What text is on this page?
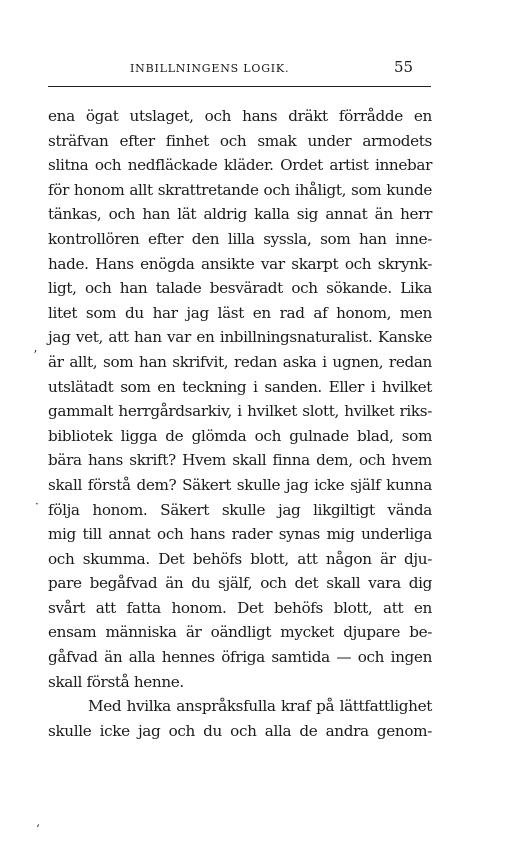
INBILLNINGENS LOGIK.	55
ena ögat utslaget, och hans dräkt förrådde en
sträfvan efter finhet och smak under armodets
slitna och nedfläckade kläder. Ordet artist innebar
för honom allt skrattretande och ihåligt, som kunde
tänkas, och han lät aldrig kalla sig annat än herr
kontrollören efter den lilla syssla, som han inne-
hade. Hans enögda ansikte var skarpt och skrynk-
ligt, och han talade besväradt och sökande. Lika
litet som du har jag läst en rad af honom, men
jag vet, att han var en inbillningsnaturalist. Kanske
är allt, som han skrifvit, redan aska i ugnen, redan
utslätadt som en teckning i sanden. Eller i hvilket
gammalt herrgårdsarkiv, i hvilket slott, hvilket riks-
bibliotek ligga de glömda och gulnade blad, som
bära hans skrift? Hvem skall finna dem, och hvem
skall förstå dem? Säkert skulle jag icke själf kunna
följa honom. Säkert skulle jag likgiltigt vända
mig till annat och hans rader synas mig underliga
och skumma. Det behöfs blott, att någon är dju-
pare begåfvad än du själf, och det skall vara dig
svårt att fatta honom. Det behöfs blott, att en
ensam människa är oändligt mycket djupare be-
gåfvad än alla hennes öfriga samtida — och ingen
skall förstå henne.
Med hvilka anspråksfulla kraf på lättfattlighet
skulle icke jag och du och alla de andra genom-
ʼ
·
ʻ
